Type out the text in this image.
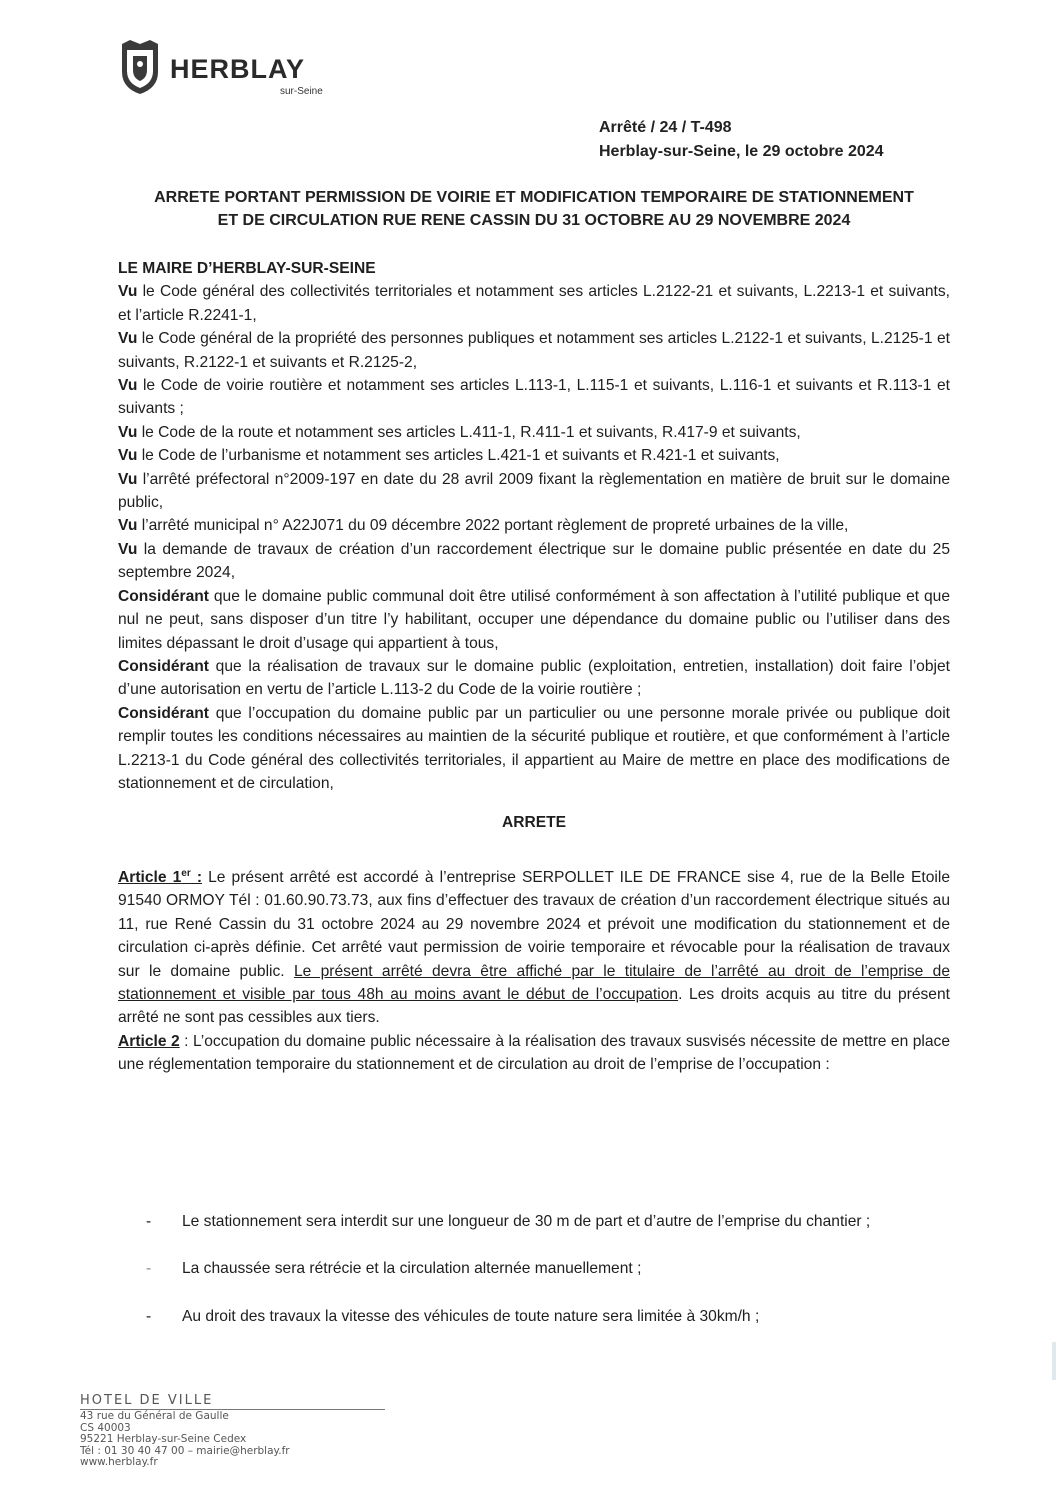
HERBLAY
sur-Seine
Arrêté / 24 / T-498
Herblay-sur-Seine, le 29 octobre 2024
ARRETE PORTANT PERMISSION DE VOIRIE ET MODIFICATION TEMPORAIRE DE STATIONNEMENT
ET DE CIRCULATION RUE RENE CASSIN DU 31 OCTOBRE AU 29 NOVEMBRE 2024

LE MAIRE D’HERBLAY-SUR-SEINE

Vu le Code général des collectivités territoriales et notamment ses articles L.2122-21 et suivants, L.2213-1 et suivants, et l’article R.2241-1,

Vu le Code général de la propriété des personnes publiques et notamment ses articles L.2122-1 et suivants, L.2125-1 et suivants, R.2122-1 et suivants et R.2125-2,

Vu le Code de voirie routière et notamment ses articles L.113-1, L.115-1 et suivants, L.116-1 et suivants et R.113-1 et suivants ;

Vu le Code de la route et notamment ses articles L.411-1, R.411-1 et suivants, R.417-9 et suivants,

Vu le Code de l’urbanisme et notamment ses articles L.421-1 et suivants et R.421-1 et suivants,

Vu l’arrêté préfectoral n°2009-197 en date du 28 avril 2009 fixant la règlementation en matière de bruit sur le domaine public,

Vu l’arrêté municipal n° A22J071 du 09 décembre 2022 portant règlement de propreté urbaines de la ville,

Vu la demande de travaux de création d’un raccordement électrique sur le domaine public présentée en date du 25 septembre 2024,

Considérant que le domaine public communal doit être utilisé conformément à son affectation à l’utilité publique et que nul ne peut, sans disposer d’un titre l’y habilitant, occuper une dépendance du domaine public ou l’utiliser dans des limites dépassant le droit d’usage qui appartient à tous,

Considérant que la réalisation de travaux sur le domaine public (exploitation, entretien, installation) doit faire l’objet d’une autorisation en vertu de l’article L.113-2 du Code de la voirie routière ;

Considérant que l’occupation du domaine public par un particulier ou une personne morale privée ou publique doit remplir toutes les conditions nécessaires au maintien de la sécurité publique et routière, et que conformément à l’article L.2213-1 du Code général des collectivités territoriales, il appartient au Maire de mettre en place des modifications de stationnement et de circulation,

ARRETE

Article 1er : Le présent arrêté est accordé à l’entreprise SERPOLLET ILE DE FRANCE sise 4, rue de la Belle Etoile 91540 ORMOY Tél : 01.60.90.73.73, aux fins d’effectuer des travaux de création d’un raccordement électrique situés au 11, rue René Cassin du 31 octobre 2024 au 29 novembre 2024 et prévoit une modification du stationnement et de circulation ci-après définie. Cet arrêté vaut permission de voirie temporaire et révocable pour la réalisation de travaux sur le domaine public. Le présent arrêté devra être affiché par le titulaire de l’arrêté au droit de l’emprise de stationnement et visible par tous 48h au moins avant le début de l’occupation. Les droits acquis au titre du présent arrêté ne sont pas cessibles aux tiers.

Article 2 : L’occupation du domaine public nécessaire à la réalisation des travaux susvisés nécessite de mettre en place une réglementation temporaire du stationnement et de circulation au droit de l’emprise de l’occupation :

- Le stationnement sera interdit sur une longueur de 30 m de part et d’autre de l’emprise du chantier ;
- La chaussée sera rétrécie et la circulation alternée manuellement ;
- Au droit des travaux la vitesse des véhicules de toute nature sera limitée à 30km/h ;
HOTEL DE VILLE
43 rue du Général de Gaulle
CS 40003
95221 Herblay-sur-Seine Cedex
Tél : 01 30 40 47 00 – mairie@herblay.fr
www.herblay.fr
